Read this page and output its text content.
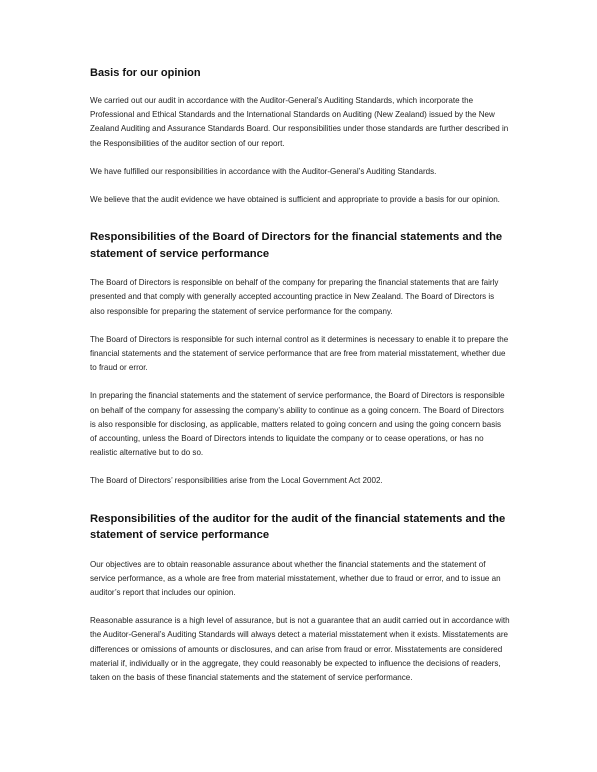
Basis for our opinion

We carried out our audit in accordance with the Auditor-General’s Auditing Standards, which incorporate the Professional and Ethical Standards and the International Standards on Auditing (New Zealand) issued by the New Zealand Auditing and Assurance Standards Board. Our responsibilities under those standards are further described in the Responsibilities of the auditor section of our report.

We have fulfilled our responsibilities in accordance with the Auditor-General’s Auditing Standards.

We believe that the audit evidence we have obtained is sufficient and appropriate to provide a basis for our opinion.

Responsibilities of the Board of Directors for the financial statements and the statement of service performance

The Board of Directors is responsible on behalf of the company for preparing the financial statements that are fairly presented and that comply with generally accepted accounting practice in New Zealand. The Board of Directors is also responsible for preparing the statement of service performance for the company.

The Board of Directors is responsible for such internal control as it determines is necessary to enable it to prepare the financial statements and the statement of service performance that are free from material misstatement, whether due to fraud or error.

In preparing the financial statements and the statement of service performance, the Board of Directors is responsible on behalf of the company for assessing the company’s ability to continue as a going concern. The Board of Directors is also responsible for disclosing, as applicable, matters related to going concern and using the going concern basis of accounting, unless the Board of Directors intends to liquidate the company or to cease operations, or has no realistic alternative but to do so.

The Board of Directors’ responsibilities arise from the Local Government Act 2002.

Responsibilities of the auditor for the audit of the financial statements and the statement of service performance

Our objectives are to obtain reasonable assurance about whether the financial statements and the statement of service performance, as a whole are free from material misstatement, whether due to fraud or error, and to issue an auditor’s report that includes our opinion.

Reasonable assurance is a high level of assurance, but is not a guarantee that an audit carried out in accordance with the Auditor-General’s Auditing Standards will always detect a material misstatement when it exists. Misstatements are differences or omissions of amounts or disclosures, and can arise from fraud or error. Misstatements are considered material if, individually or in the aggregate, they could reasonably be expected to influence the decisions of readers, taken on the basis of these financial statements and the statement of service performance.
